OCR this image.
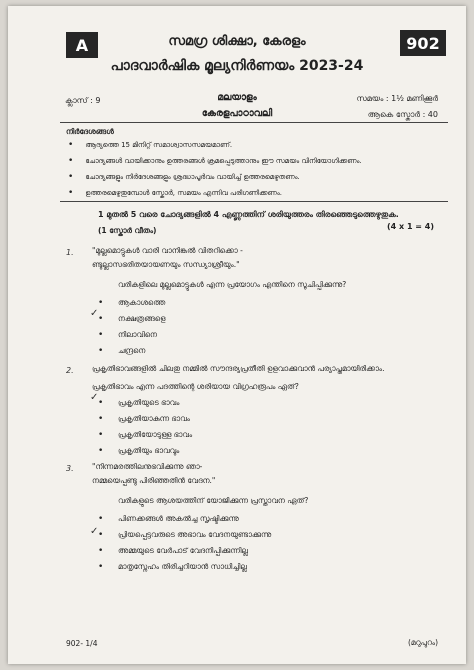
A	902
സമഗ്ര ശിക്ഷാ, കേരളം
പാദവാർഷിക മൂല്യനിർണയം 2023-24
ക്ലാസ് : 9	മലയാളം
കേരളപാഠാവലി
സമയം : 1½ മണിക്കൂർ
ആകെ സ്കോർ : 40
നിർദേശങ്ങൾ
• ആദ്യത്തെ 15 മിനിറ്റ് സമാശ്വാസസമയമാണ്.
• ചോദ്യങ്ങൾ വായിക്കാനും ഉത്തരങ്ങൾ ക്രമപ്പെടുത്താനും ഈ സമയം വിനിയോഗിക്കണം.
• ചോദ്യങ്ങളും നിർദേശങ്ങളും ശ്രദ്ധാപൂർവം വായിച്ച് ഉത്തരമെഴുതണം.
• ഉത്തരമെഴുതുമ്പോൾ സ്കോർ, സമയം എന്നിവ പരിഗണിക്കണം.
1 മുതൽ 5 വരെ ചോദ്യങ്ങളിൽ 4 എണ്ണത്തിന് ശരിയുത്തരം തിരഞ്ഞെടുത്തെഴുതുക.
(1 സ്കോർ വീതം)	(4 x 1 = 4)
1. "മുല്ലമൊട്ടുകൾ വാരി വാനിങ്കൽ വിതറിക്കൊ -
ണ്ടുല്ലാസഭരിതയായണയും സന്ധ്യാശ്രീയും."
വരികളിലെ മുല്ലമൊട്ടുകൾ എന്ന പ്രയോഗം എന്തിനെ സൂചിപ്പിക്കുന്നു?
• ആകാശത്തെ
✓	• നക്ഷത്രങ്ങളെ
• നിലാവിനെ
• ചന്ദ്രനെ
2. പ്രകൃതിഭാവങ്ങളിൽ ചിലതു നമ്മിൽ സൗന്ദര്യപ്രതീതി ഉളവാക്കുവാൻ പര്യാപ്തമായിരിക്കാം.
പ്രകൃതിഭാവം എന്ന പദത്തിന്റെ ശരിയായ വിഗ്രഹരൂപം ഏത്?
✓	• പ്രകൃതിയുടെ ഭാവം
• പ്രകൃതിയാകുന്ന ഭാവം
• പ്രകൃതിയോടുള്ള ഭാവം
• പ്രകൃതിയും ഭാവവും
3. "നിന്നമരത്തിലനുഭവിക്കുന്നു ഞാ-
നമ്മയെപ്പണ്ടു പിരിഞ്ഞതിൻ വേദന."
വരികളുടെ ആശയത്തിന് യോജിക്കുന്ന പ്രസ്താവന ഏത്?
• പിണക്കങ്ങൾ അകൽച്ച സൃഷ്ടിക്കുന്നു
✓	• പ്രിയപ്പെട്ടവരുടെ അഭാവം വേദനയുണ്ടാക്കുന്നു
• അമ്മയുടെ വേർപാട് വേദനിപ്പിക്കുന്നില്ല
• മാതൃസ്നേഹം തിരിച്ചറിയാൻ സാധിച്ചില്ല
902- 1/4	(മറുപുറം)
